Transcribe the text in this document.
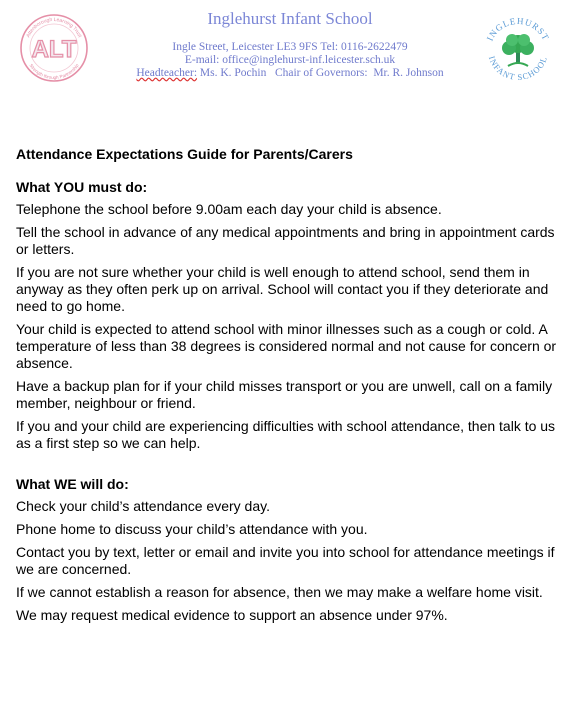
Attenborough Learning Trust
Strength through Partnership
ALT
Inglehurst Infant School
Ingle Street, Leicester LE3 9FS Tel: 0116-2622479
E-mail: office@inglehurst-inf.leicester.sch.uk
Headteacher: Ms. K. Pochin   Chair of Governors:  Mr. R. Johnson
INGLEHURST
INFANT SCHOOL

Attendance Expectations Guide for Parents/Carers

What YOU must do:

Telephone the school before 9.00am each day your child is absence.

Tell the school in advance of any medical appointments and bring in appointment cards or letters.

If you are not sure whether your child is well enough to attend school, send them in anyway as they often perk up on arrival. School will contact you if they deteriorate and need to go home.

Your child is expected to attend school with minor illnesses such as a cough or cold. A temperature of less than 38 degrees is considered normal and not cause for concern or absence.

Have a backup plan for if your child misses transport or you are unwell, call on a family member, neighbour or friend.

If you and your child are experiencing difficulties with school attendance, then talk to us as a first step so we can help.

What WE will do:

Check your child’s attendance every day.

Phone home to discuss your child’s attendance with you.

Contact you by text, letter or email and invite you into school for attendance meetings if we are concerned.

If we cannot establish a reason for absence, then we may make a welfare home visit.

We may request medical evidence to support an absence under 97%.
